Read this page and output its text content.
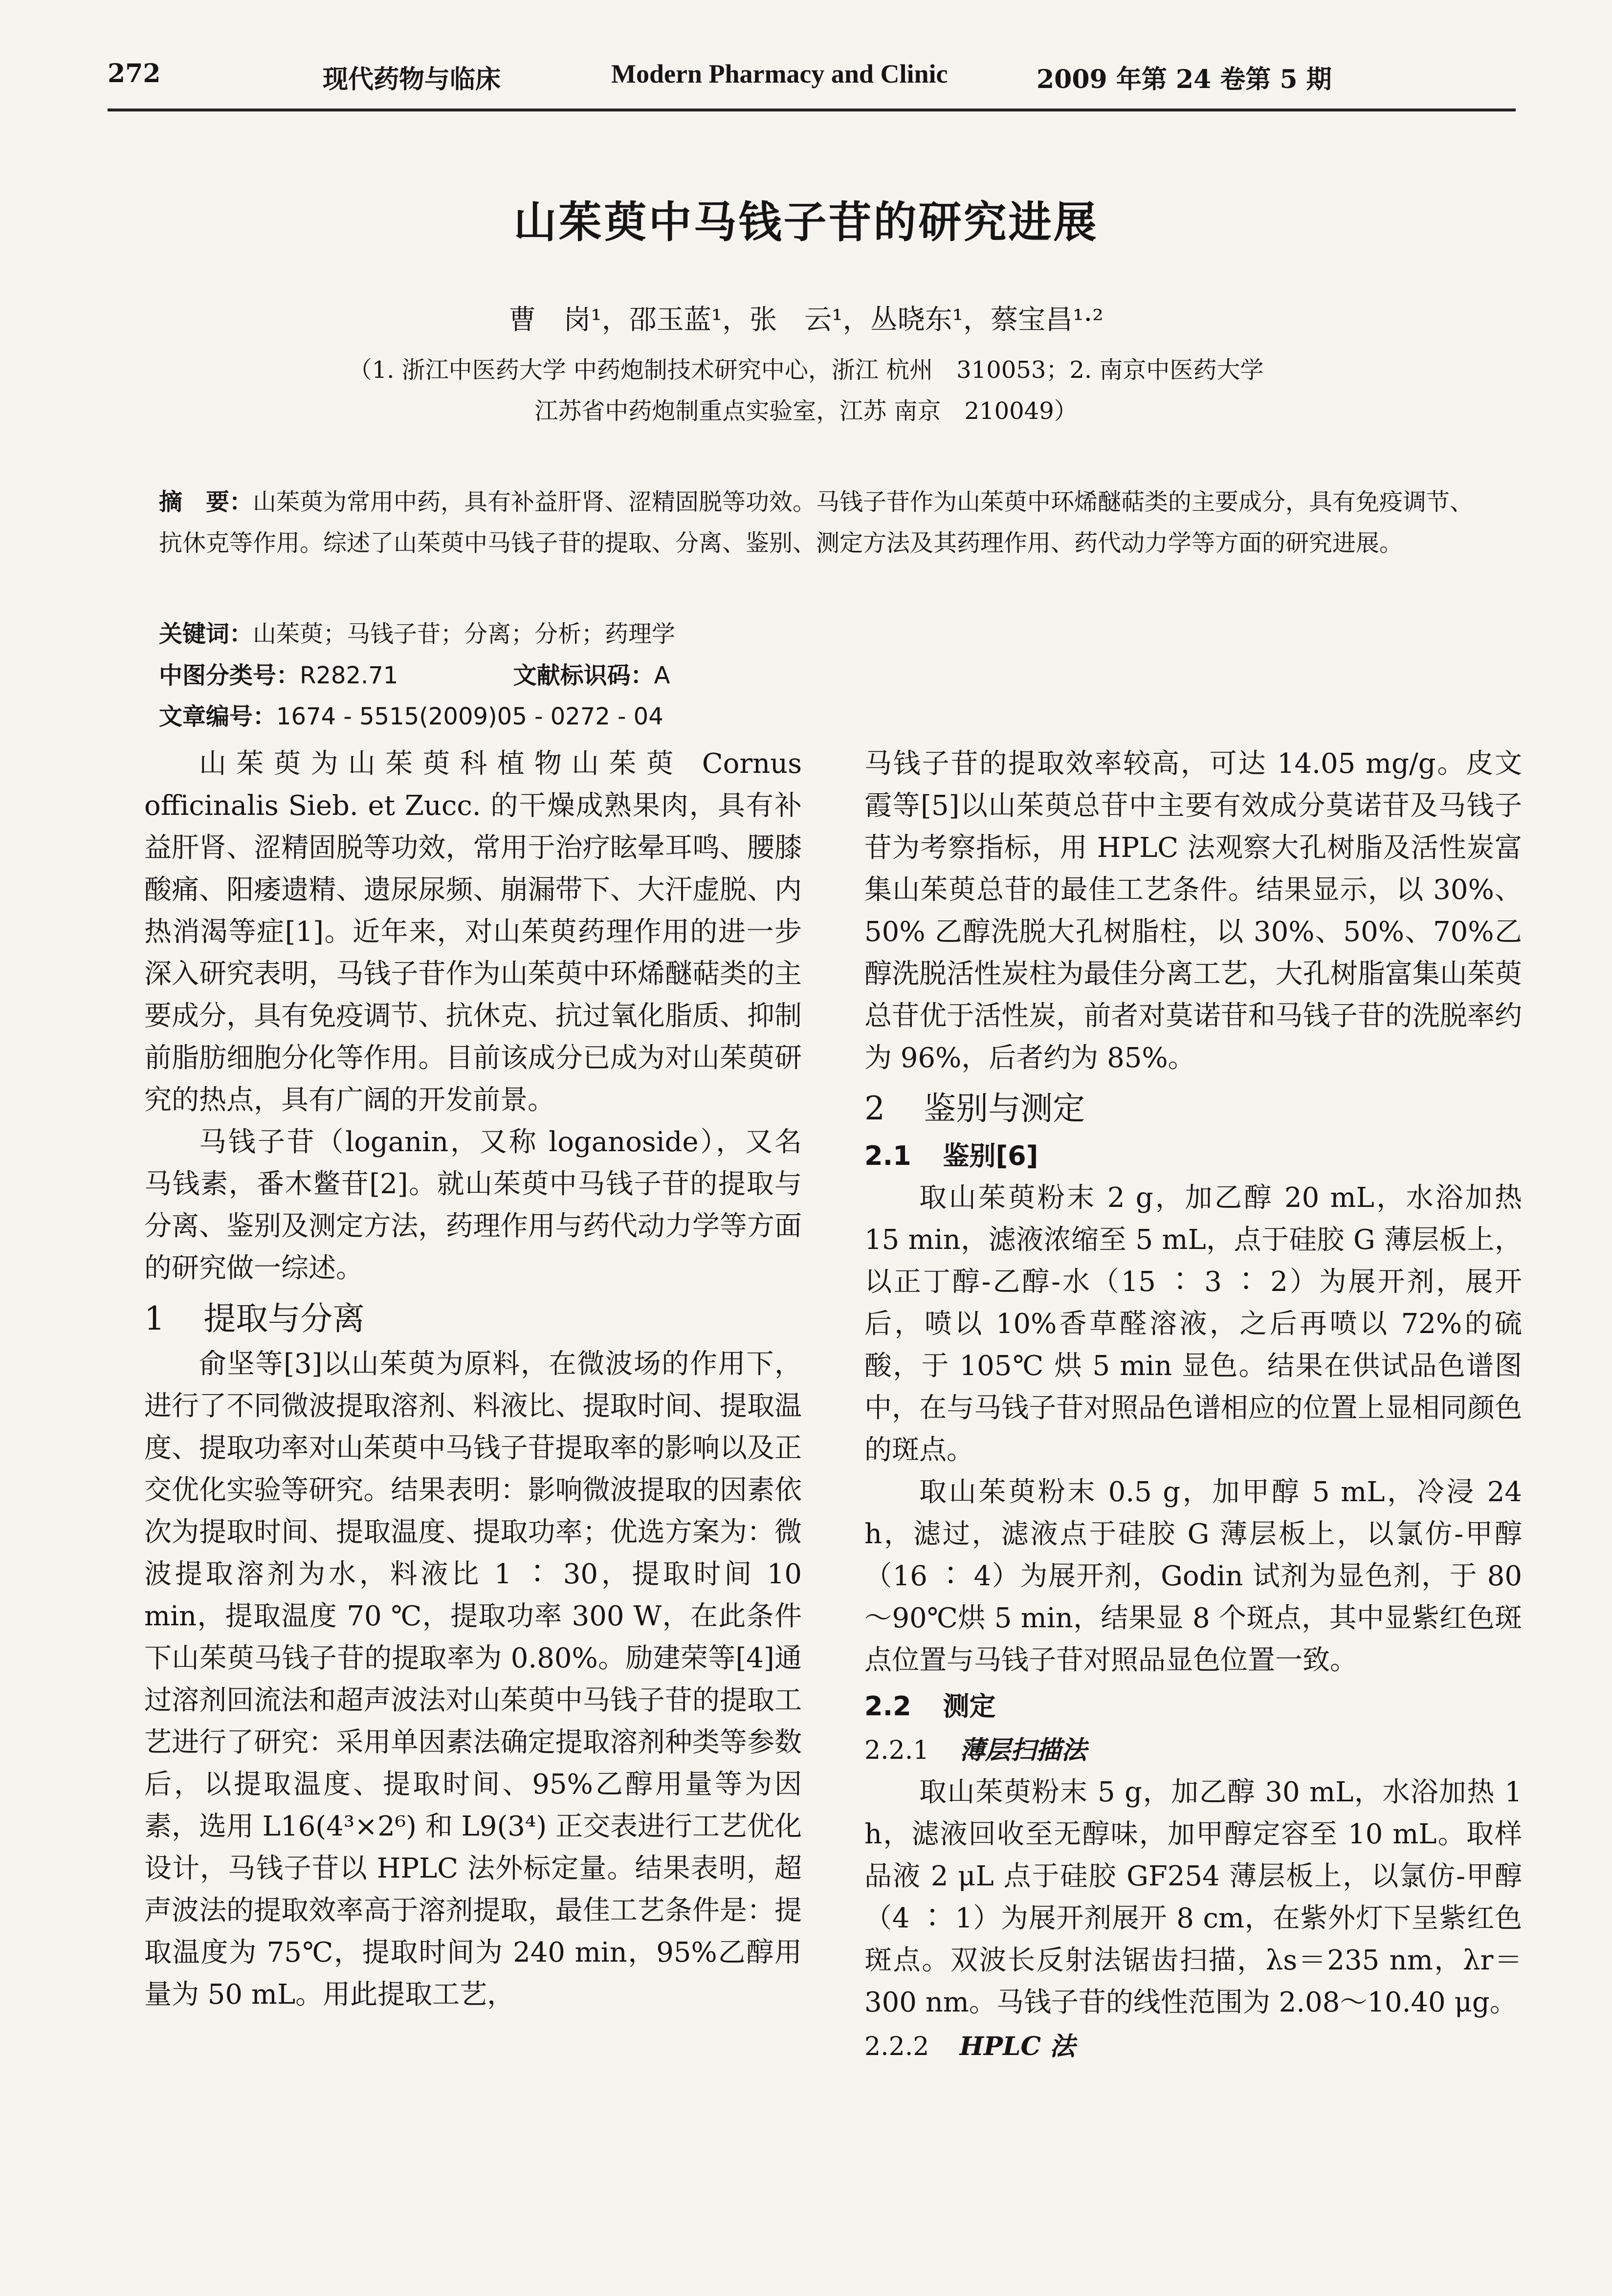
272	现代药物与临床	Modern Pharmacy and Clinic	2009 年第 24 卷第 5 期
山茱萸中马钱子苷的研究进展
曹　岗¹，邵玉蓝¹，张　云¹，丛晓东¹，蔡宝昌¹·²
（1. 浙江中医药大学 中药炮制技术研究中心，浙江 杭州　310053；2. 南京中医药大学
江苏省中药炮制重点实验室，江苏 南京　210049）
摘　要：山茱萸为常用中药，具有补益肝肾、涩精固脱等功效。马钱子苷作为山茱萸中环烯醚萜类的主要成分，具有免疫调节、抗休克等作用。综述了山茱萸中马钱子苷的提取、分离、鉴别、测定方法及其药理作用、药代动力学等方面的研究进展。
关键词：山茱萸；马钱子苷；分离；分析；药理学
中图分类号：R282.71	文献标识码：A 文章编号：1674 - 5515(2009)05 - 0272 - 04

山茱萸为山茱萸科植物山茱萸 Cornus officinalis Sieb. et Zucc. 的干燥成熟果肉，具有补益肝肾、涩精固脱等功效，常用于治疗眩晕耳鸣、腰膝酸痛、阳痿遗精、遗尿尿频、崩漏带下、大汗虚脱、内热消渴等症[1]。近年来，对山茱萸药理作用的进一步深入研究表明，马钱子苷作为山茱萸中环烯醚萜类的主要成分，具有免疫调节、抗休克、抗过氧化脂质、抑制前脂肪细胞分化等作用。目前该成分已成为对山茱萸研究的热点，具有广阔的开发前景。

马钱子苷（loganin，又称 loganoside），又名马钱素，番木鳖苷[2]。就山茱萸中马钱子苷的提取与分离、鉴别及测定方法，药理作用与药代动力学等方面的研究做一综述。

1 提取与分离

俞坚等[3]以山茱萸为原料，在微波场的作用下，进行了不同微波提取溶剂、料液比、提取时间、提取温度、提取功率对山茱萸中马钱子苷提取率的影响以及正交优化实验等研究。结果表明：影响微波提取的因素依次为提取时间、提取温度、提取功率；优选方案为：微波提取溶剂为水，料液比 1 ∶ 30，提取时间 10 min，提取温度 70 ℃，提取功率 300 W，在此条件下山茱萸马钱子苷的提取率为 0.80%。励建荣等[4]通过溶剂回流法和超声波法对山茱萸中马钱子苷的提取工艺进行了研究：采用单因素法确定提取溶剂种类等参数后，以提取温度、提取时间、95%乙醇用量等为因素，选用 L16(4³×2⁶) 和 L9(3⁴) 正交表进行工艺优化设计，马钱子苷以 HPLC 法外标定量。结果表明，超声波法的提取效率高于溶剂提取，最佳工艺条件是：提取温度为 75℃，提取时间为 240 min，95%乙醇用量为 50 mL。用此提取工艺，

马钱子苷的提取效率较高，可达 14.05 mg/g。皮文霞等[5]以山茱萸总苷中主要有效成分莫诺苷及马钱子苷为考察指标，用 HPLC 法观察大孔树脂及活性炭富集山茱萸总苷的最佳工艺条件。结果显示，以 30%、50% 乙醇洗脱大孔树脂柱，以 30%、50%、70%乙醇洗脱活性炭柱为最佳分离工艺，大孔树脂富集山茱萸总苷优于活性炭，前者对莫诺苷和马钱子苷的洗脱率约为 96%，后者约为 85%。

2 鉴别与测定
2.1 鉴别[6]

取山茱萸粉末 2 g，加乙醇 20 mL，水浴加热 15 min，滤液浓缩至 5 mL，点于硅胶 G 薄层板上，以正丁醇-乙醇-水（15 ∶ 3 ∶ 2）为展开剂，展开后，喷以 10%香草醛溶液，之后再喷以 72%的硫酸，于 105℃ 烘 5 min 显色。结果在供试品色谱图中，在与马钱子苷对照品色谱相应的位置上显相同颜色的斑点。

取山茱萸粉末 0.5 g，加甲醇 5 mL，冷浸 24 h，滤过，滤液点于硅胶 G 薄层板上，以氯仿-甲醇（16 ∶ 4）为展开剂，Godin 试剂为显色剂，于 80～90℃烘 5 min，结果显 8 个斑点，其中显紫红色斑点位置与马钱子苷对照品显色位置一致。

2.2 测定
2.2.1 薄层扫描法

取山茱萸粉末 5 g，加乙醇 30 mL，水浴加热 1 h，滤液回收至无醇味，加甲醇定容至 10 mL。取样品液 2 μL 点于硅胶 GF254 薄层板上，以氯仿-甲醇（4 ∶ 1）为展开剂展开 8 cm，在紫外灯下呈紫红色斑点。双波长反射法锯齿扫描，λs＝235 nm，λr＝300 nm。马钱子苷的线性范围为 2.08～10.40 μg。

2.2.2 HPLC 法
